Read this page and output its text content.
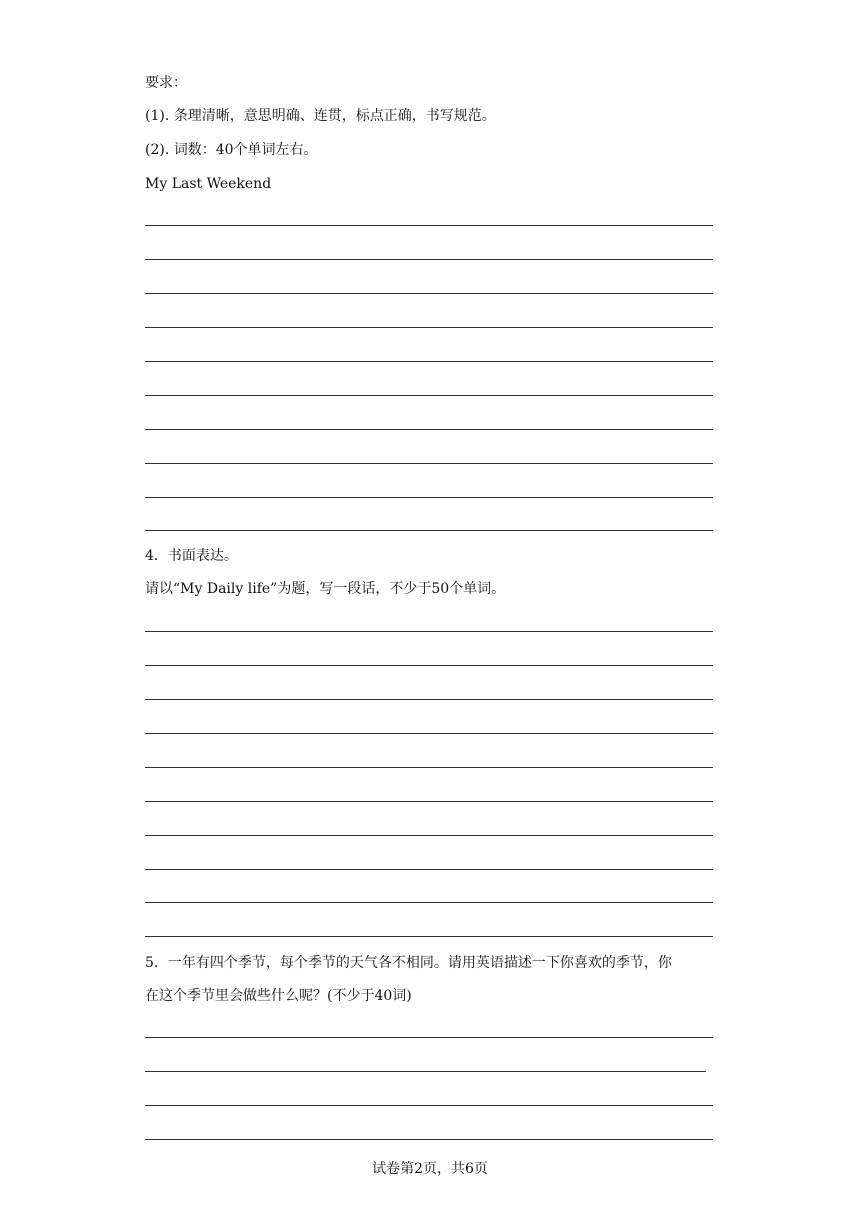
要求：
(1). 条理清晰，意思明确、连贯，标点正确，书写规范。
(2). 词数：40个单词左右。
My Last Weekend
4．书面表达。
请以“My Daily life”为题，写一段话，不少于50个单词。
5．一年有四个季节，每个季节的天气各不相同。请用英语描述一下你喜欢的季节，你
在这个季节里会做些什么呢？(不少于40词)
试卷第2页，共6页
